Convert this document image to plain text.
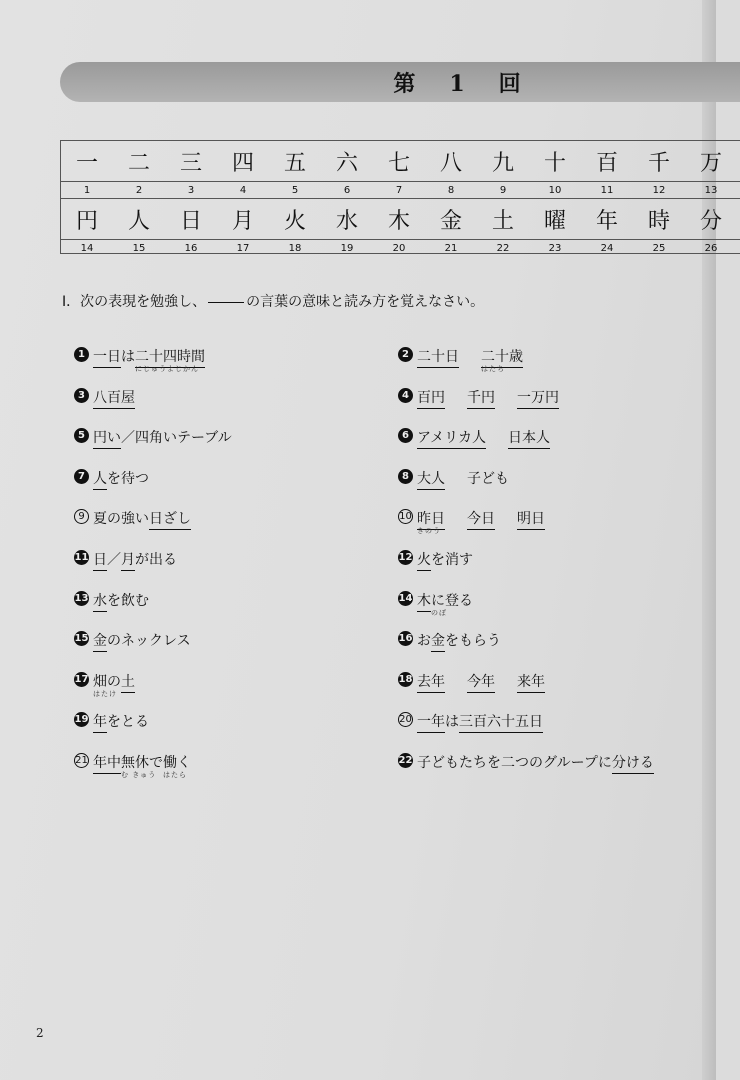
第　1　回
一	二	三	四	五	六	七	八	九	十	百	千	万
1	2	3	4	5	6	7	8	9	10	11	12	13
円	人	日	月	火	水	木	金	土	曜	年	時	分
14	15	16	17	18	19	20	21	22	23	24	25	26
I．次の表現を勉強し、	の言葉の意味と読み方を覚えなさい。
1 一日は二十四時間
にじゅうよじかん
2 二十日 二十歳
はたち
3 八百屋	4 百円 千円 一万円
5 円い／四角いテーブル	6 アメリカ人 日本人
7 人を待つ	8 大人 子ども
9 夏の強い日ざし	10 昨日
きのう
今日 明日
11 日／月が出る	12 火を消す
13 水を飲む	14 木に登る
のぼ
15 金のネックレス	16 お金をもらう
17 畑
はたけ
の土	18 去年 今年 来年
19 年をとる	20 一年は三百六十五日
21 年中無休
む きゅう
で働く
はたら
22 子どもたちを二つのグループに分ける
2
